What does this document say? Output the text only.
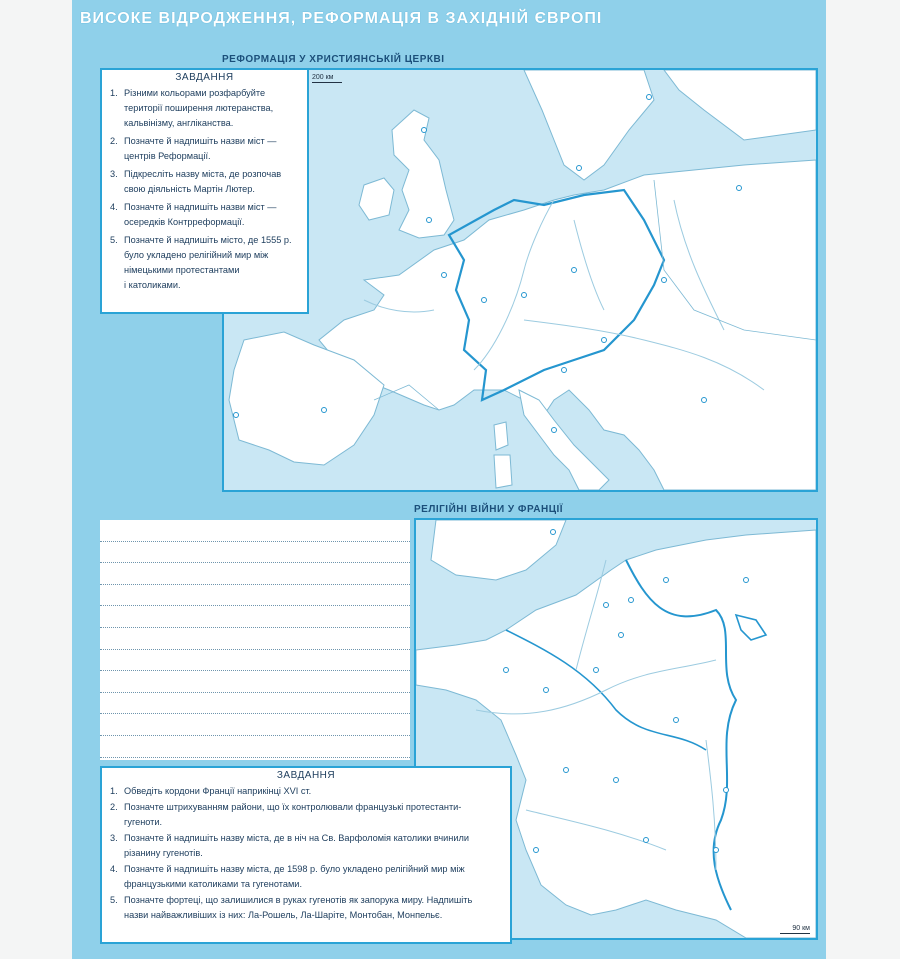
ВИСОКЕ ВІДРОДЖЕННЯ, РЕФОРМАЦІЯ В ЗАХІДНІЙ ЄВРОПІ
РЕФОРМАЦІЯ У ХРИСТИЯНСЬКІЙ ЦЕРКВІ
200 км
ЗАВДАННЯ
1. Різними кольорами розфарбуйте
території поширення лютеранства,
кальвінізму, англіканства.
2. Позначте й надпишіть назви міст —
центрів Реформації.
3. Підкресліть назву міста, де розпочав
свою діяльність Мартін Лютер.
4. Позначте й надпишіть назви міст —
осередків Контрреформації.
5. Позначте й надпишіть місто, де 1555 р.
було укладено релігійний мир між
німецькими протестантами
і католиками.
РЕЛІГІЙНІ ВІЙНИ У ФРАНЦІЇ
90 км
ЗАВДАННЯ
1. Обведіть кордони Франції наприкінці XVI ст.
2. Позначте штрихуванням райони, що їх контролювали французькі протестанти-
гугеноти.
3. Позначте й надпишіть назву міста, де в ніч на Св. Варфоломія католики вчинили
різанину гугенотів.
4. Позначте й надпишіть назву міста, де 1598 р. було укладено релігійний мир між
французькими католиками та гугенотами.
5. Позначте фортеці, що залишилися в руках гугенотів як запорука миру. Надпишіть
назви найважливіших із них: Ла-Рошель, Ла-Шаріте, Монтобан, Монпельє.
